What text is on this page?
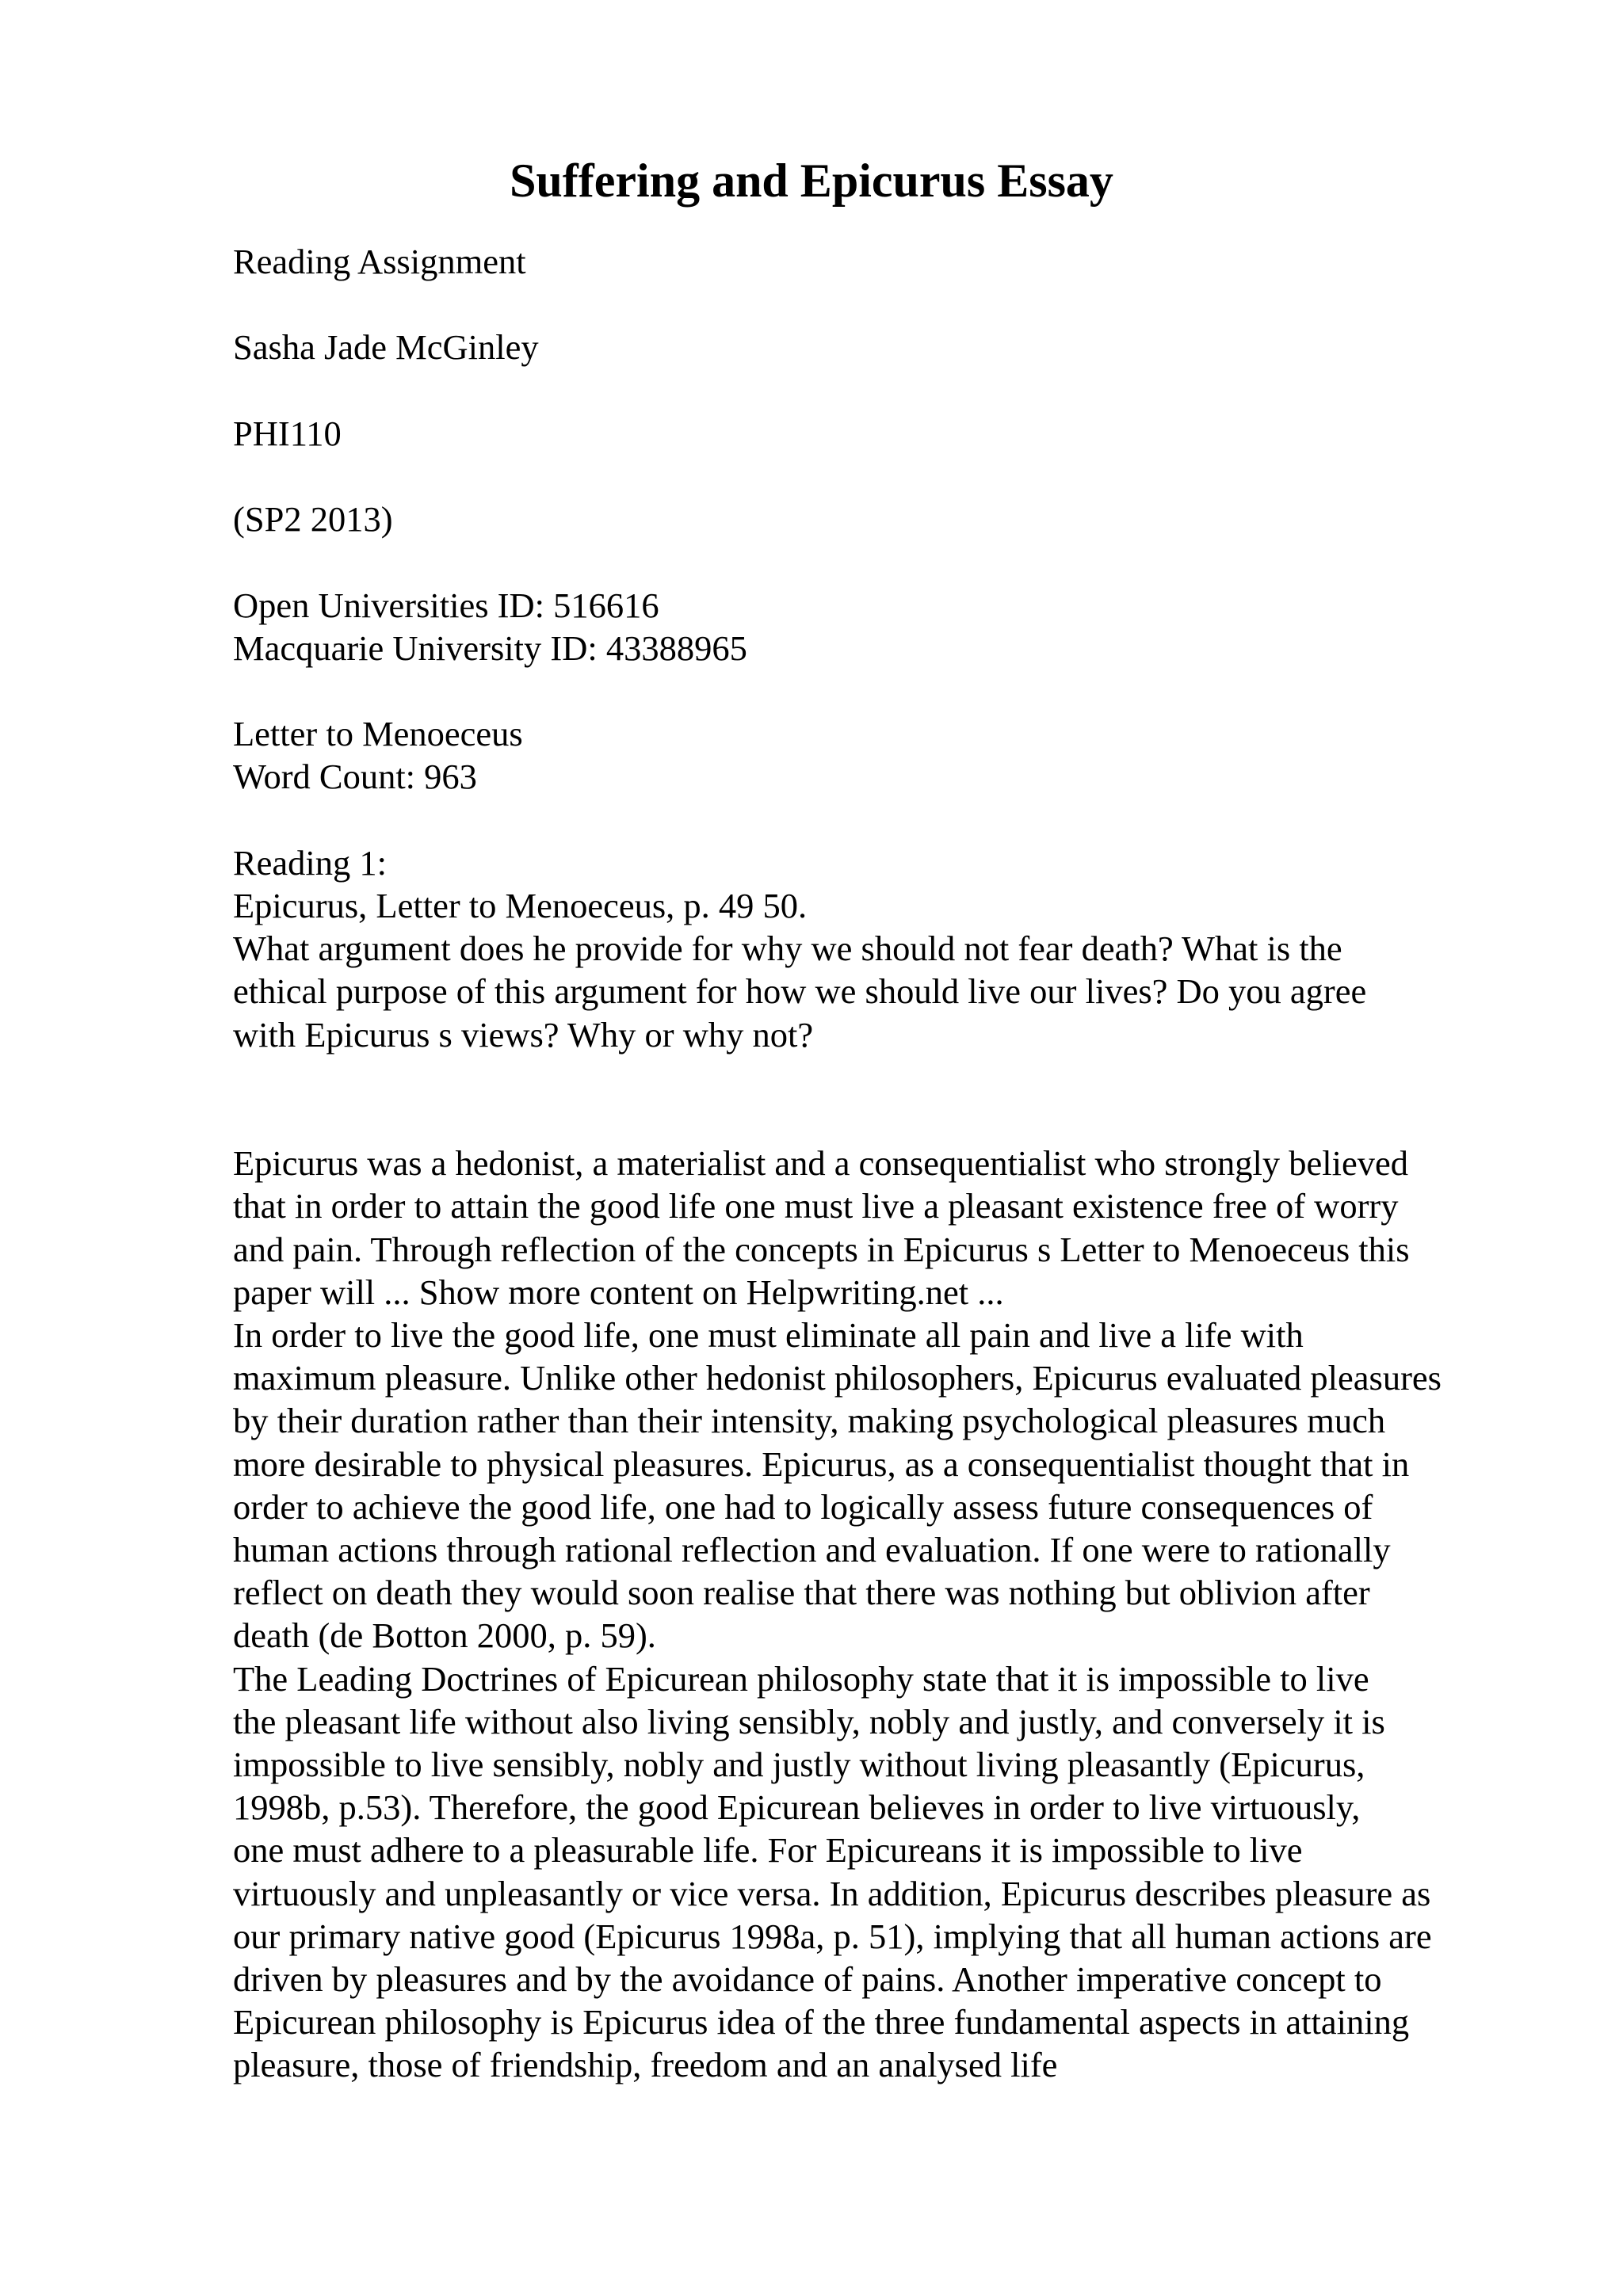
Suffering and Epicurus Essay
Reading Assignment
Sasha Jade McGinley
PHI110
(SP2 2013)
Open Universities ID: 516616
Macquarie University ID: 43388965
Letter to Menoeceus
Word Count: 963
Reading 1:
Epicurus, Letter to Menoeceus, p. 49 50.
What argument does he provide for why we should not fear death? What is the
ethical purpose of this argument for how we should live our lives? Do you agree
with Epicurus s views? Why or why not?
Epicurus was a hedonist, a materialist and a consequentialist who strongly believed
that in order to attain the good life one must live a pleasant existence free of worry
and pain. Through reflection of the concepts in Epicurus s Letter to Menoeceus this
paper will ... Show more content on Helpwriting.net ...
In order to live the good life, one must eliminate all pain and live a life with
maximum pleasure. Unlike other hedonist philosophers, Epicurus evaluated pleasures
by their duration rather than their intensity, making psychological pleasures much
more desirable to physical pleasures. Epicurus, as a consequentialist thought that in
order to achieve the good life, one had to logically assess future consequences of
human actions through rational reflection and evaluation. If one were to rationally
reflect on death they would soon realise that there was nothing but oblivion after
death (de Botton 2000, p. 59).
The Leading Doctrines of Epicurean philosophy state that it is impossible to live
the pleasant life without also living sensibly, nobly and justly, and conversely it is
impossible to live sensibly, nobly and justly without living pleasantly (Epicurus,
1998b, p.53). Therefore, the good Epicurean believes in order to live virtuously,
one must adhere to a pleasurable life. For Epicureans it is impossible to live
virtuously and unpleasantly or vice versa. In addition, Epicurus describes pleasure as
our primary native good (Epicurus 1998a, p. 51), implying that all human actions are
driven by pleasures and by the avoidance of pains. Another imperative concept to
Epicurean philosophy is Epicurus idea of the three fundamental aspects in attaining
pleasure, those of friendship, freedom and an analysed life
